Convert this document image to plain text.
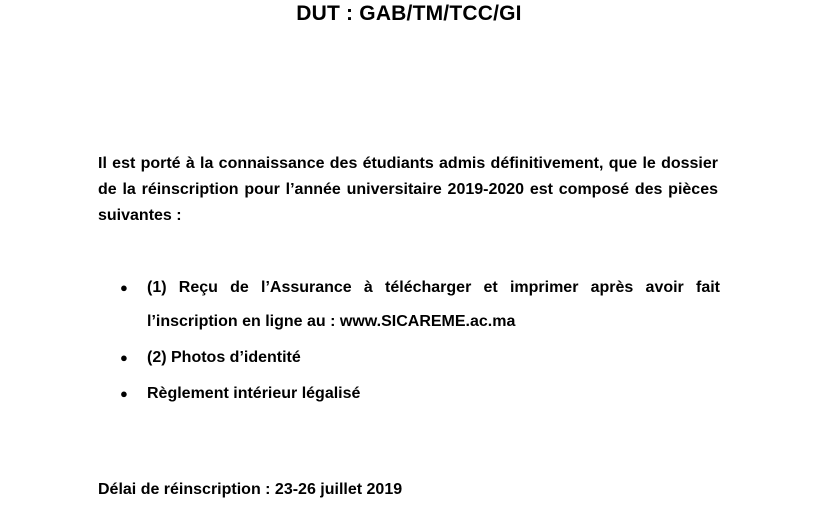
DUT : GAB/TM/TCC/GI

Il est porté à la connaissance des étudiants admis définitivement, que le dossier de la réinscription pour l’année universitaire 2019-2020 est composé des pièces suivantes :

● (1) Reçu de l’Assurance à télécharger et imprimer après avoir fait l’inscription en ligne au : www.SICAREME.ac.ma
● (2) Photos d’identité
● Règlement intérieur légalisé

Délai de réinscription : 23-26 juillet 2019
